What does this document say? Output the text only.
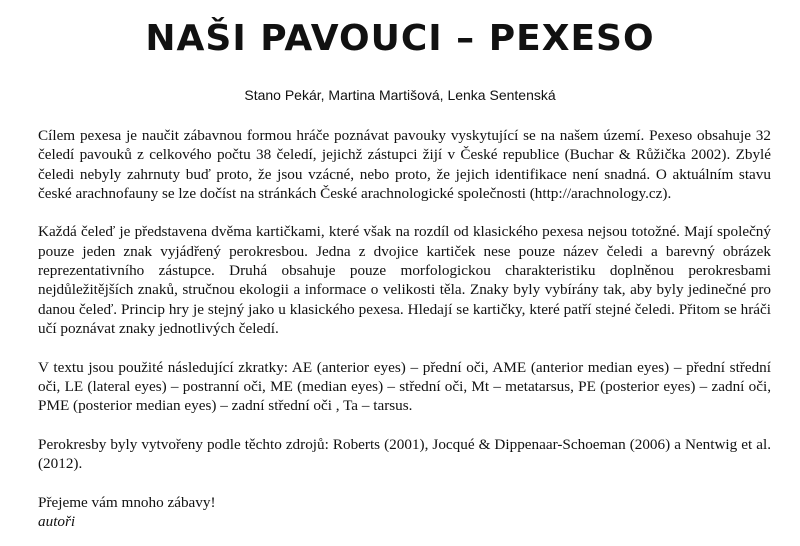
NAŠI PAVOUCI – PEXESO
Stano Pekár, Martina Martišová, Lenka Sentenská

Cílem pexesa je naučit zábavnou formou hráče poznávat pavouky vyskytující se na našem území. Pexeso obsahuje 32 čeledí pavouků z celkového počtu 38 čeledí, jejichž zástupci žijí v České republice (Buchar & Růžička 2002). Zbylé čeledi nebyly zahrnuty buď proto, že jsou vzácné, nebo proto, že jejich identifikace není snadná. O aktuálním stavu české arachnofauny se lze dočíst na stránkách České arachnologické společnosti (http://arachnology.cz).

Každá čeleď je představena dvěma kartičkami, které však na rozdíl od klasického pexesa nejsou totožné. Mají společný pouze jeden znak vyjádřený perokresbou. Jedna z dvojice kartiček nese pouze název čeledi a barevný obrázek reprezentativního zástupce. Druhá obsahuje pouze morfologickou charakteristiku doplněnou perokresbami nejdůležitějších znaků, stručnou ekologii a informace o velikosti těla. Znaky byly vybírány tak, aby byly jedinečné pro danou čeleď. Princip hry je stejný jako u klasického pexesa. Hledají se kartičky, které patří stejné čeledi. Přitom se hráči učí poznávat znaky jednotlivých čeledí.

V textu jsou použité následující zkratky: AE (anterior eyes) – přední oči, AME (anterior median eyes) – přední střední oči, LE (lateral eyes) – postranní oči, ME (median eyes) – střední oči, Mt – metatarsus, PE (posterior eyes) – zadní oči, PME (posterior median eyes) – zadní střední oči , Ta – tarsus.

Perokresby byly vytvořeny podle těchto zdrojů: Roberts (2001), Jocqué & Dippenaar-Schoeman (2006) a Nentwig et al. (2012).

Přejeme vám mnoho zábavy!
autoři
